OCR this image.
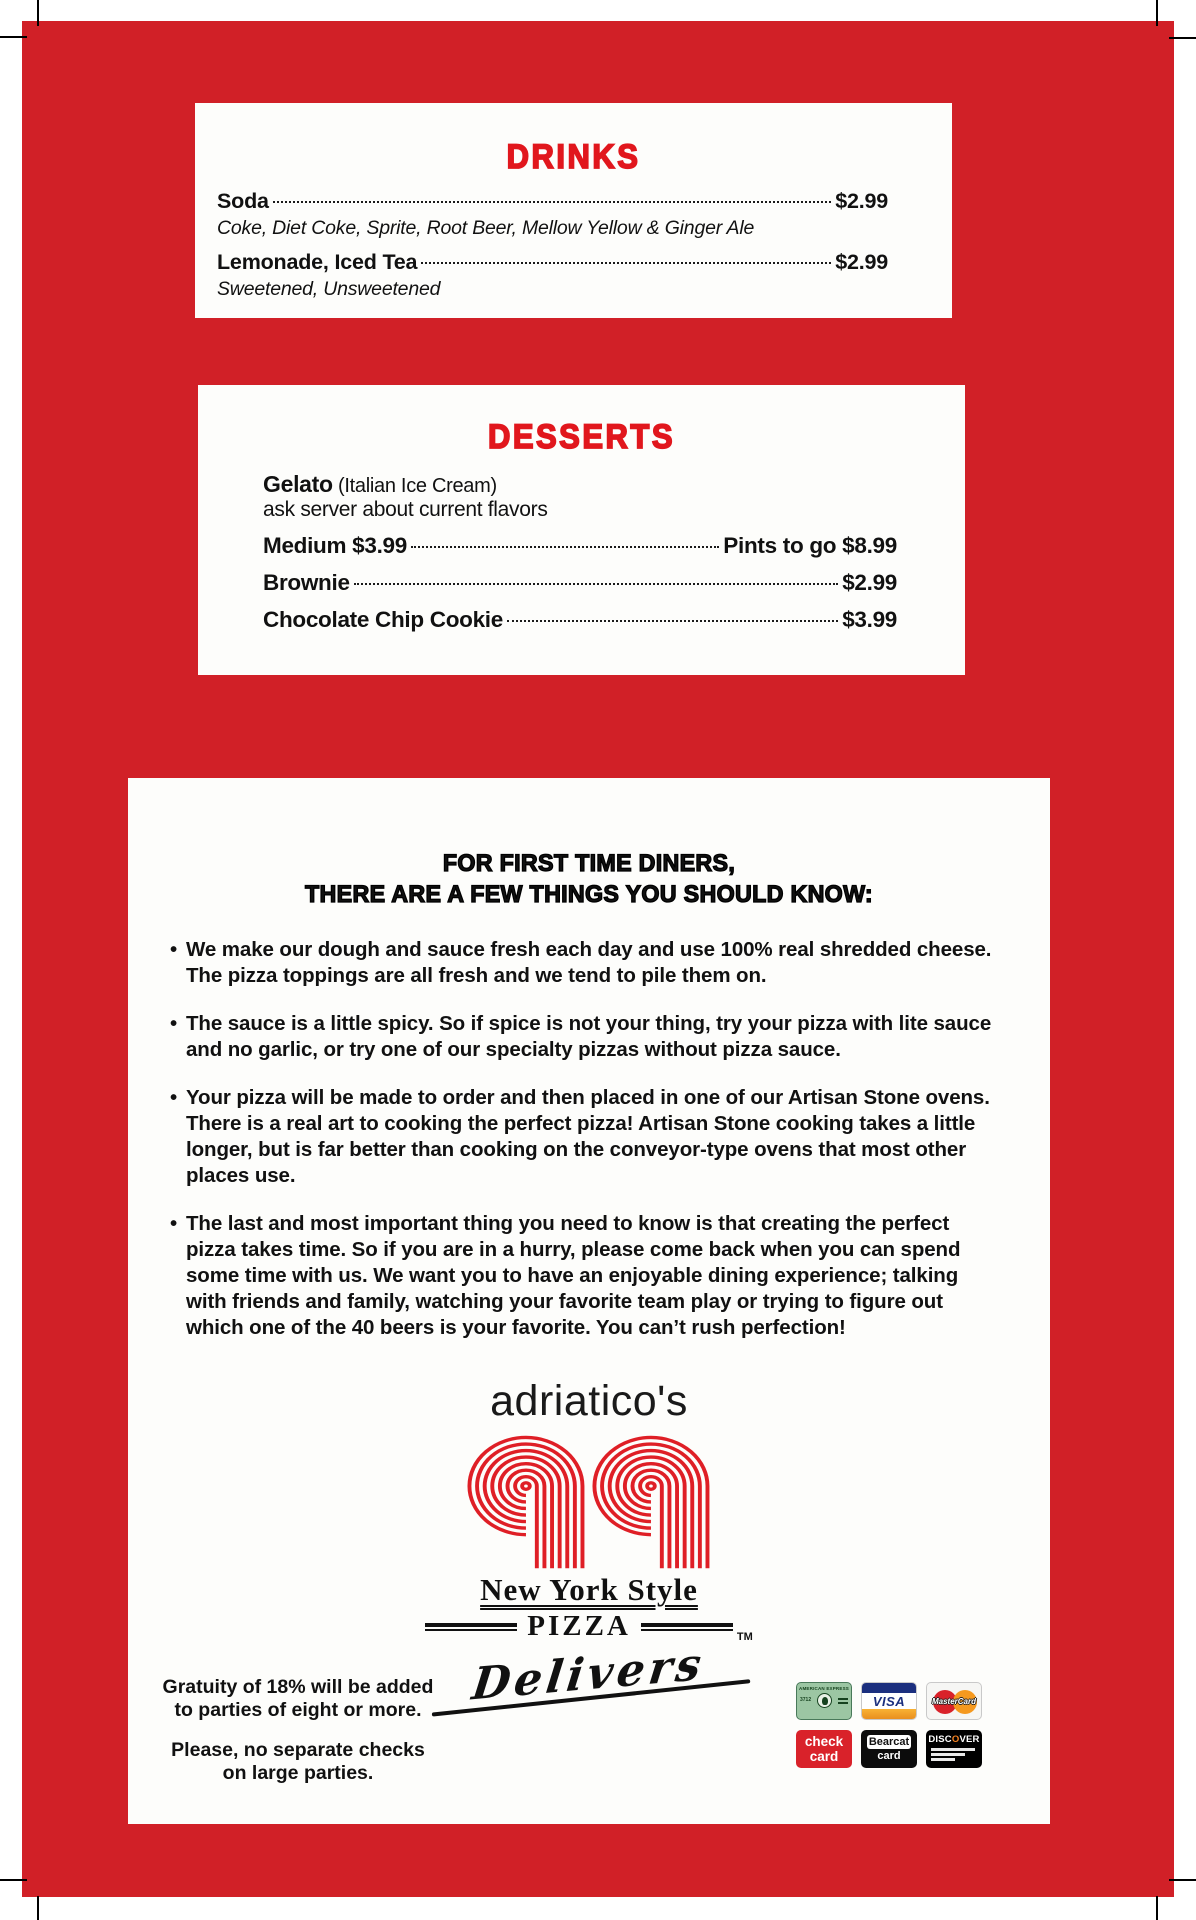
DRINKS
Soda	$2.99
Coke, Diet Coke, Sprite, Root Beer, Mellow Yellow & Ginger Ale
Lemonade, Iced Tea	$2.99
Sweetened, Unsweetened
DESSERTS
Gelato (Italian Ice Cream)
ask server about current flavors
Medium $3.99	Pints to go $8.99
Brownie	$2.99
Chocolate Chip Cookie	$3.99
FOR FIRST TIME DINERS,
THERE ARE A FEW THINGS YOU SHOULD KNOW:
• We make our dough and sauce fresh each day and use 100% real shredded cheese. The pizza toppings are all fresh and we tend to pile them on.
• The sauce is a little spicy. So if spice is not your thing, try your pizza with lite sauce and no garlic, or try one of our specialty pizzas without pizza sauce.
• Your pizza will be made to order and then placed in one of our Artisan Stone ovens. There is a real art to cooking the perfect pizza! Artisan Stone cooking takes a little longer, but is far better than cooking on the conveyor-type ovens that most other places use.
• The last and most important thing you need to know is that creating the perfect pizza takes time. So if you are in a hurry, please come back when you can spend some time with us. We want you to have an enjoyable dining experience; talking with friends and family, watching your favorite team play or trying to figure out which one of the 40 beers is your favorite. You can’t rush perfection!
adriatico's
New York Style
PIZZA	TM
Delivers
Gratuity of 18% will be added
to parties of eight or more.
Please, no separate checks
on large parties.
AMERICAN EXPRESS
3712	VISA	MasterCard
check
card
Bearcat
card
DISCOVER
